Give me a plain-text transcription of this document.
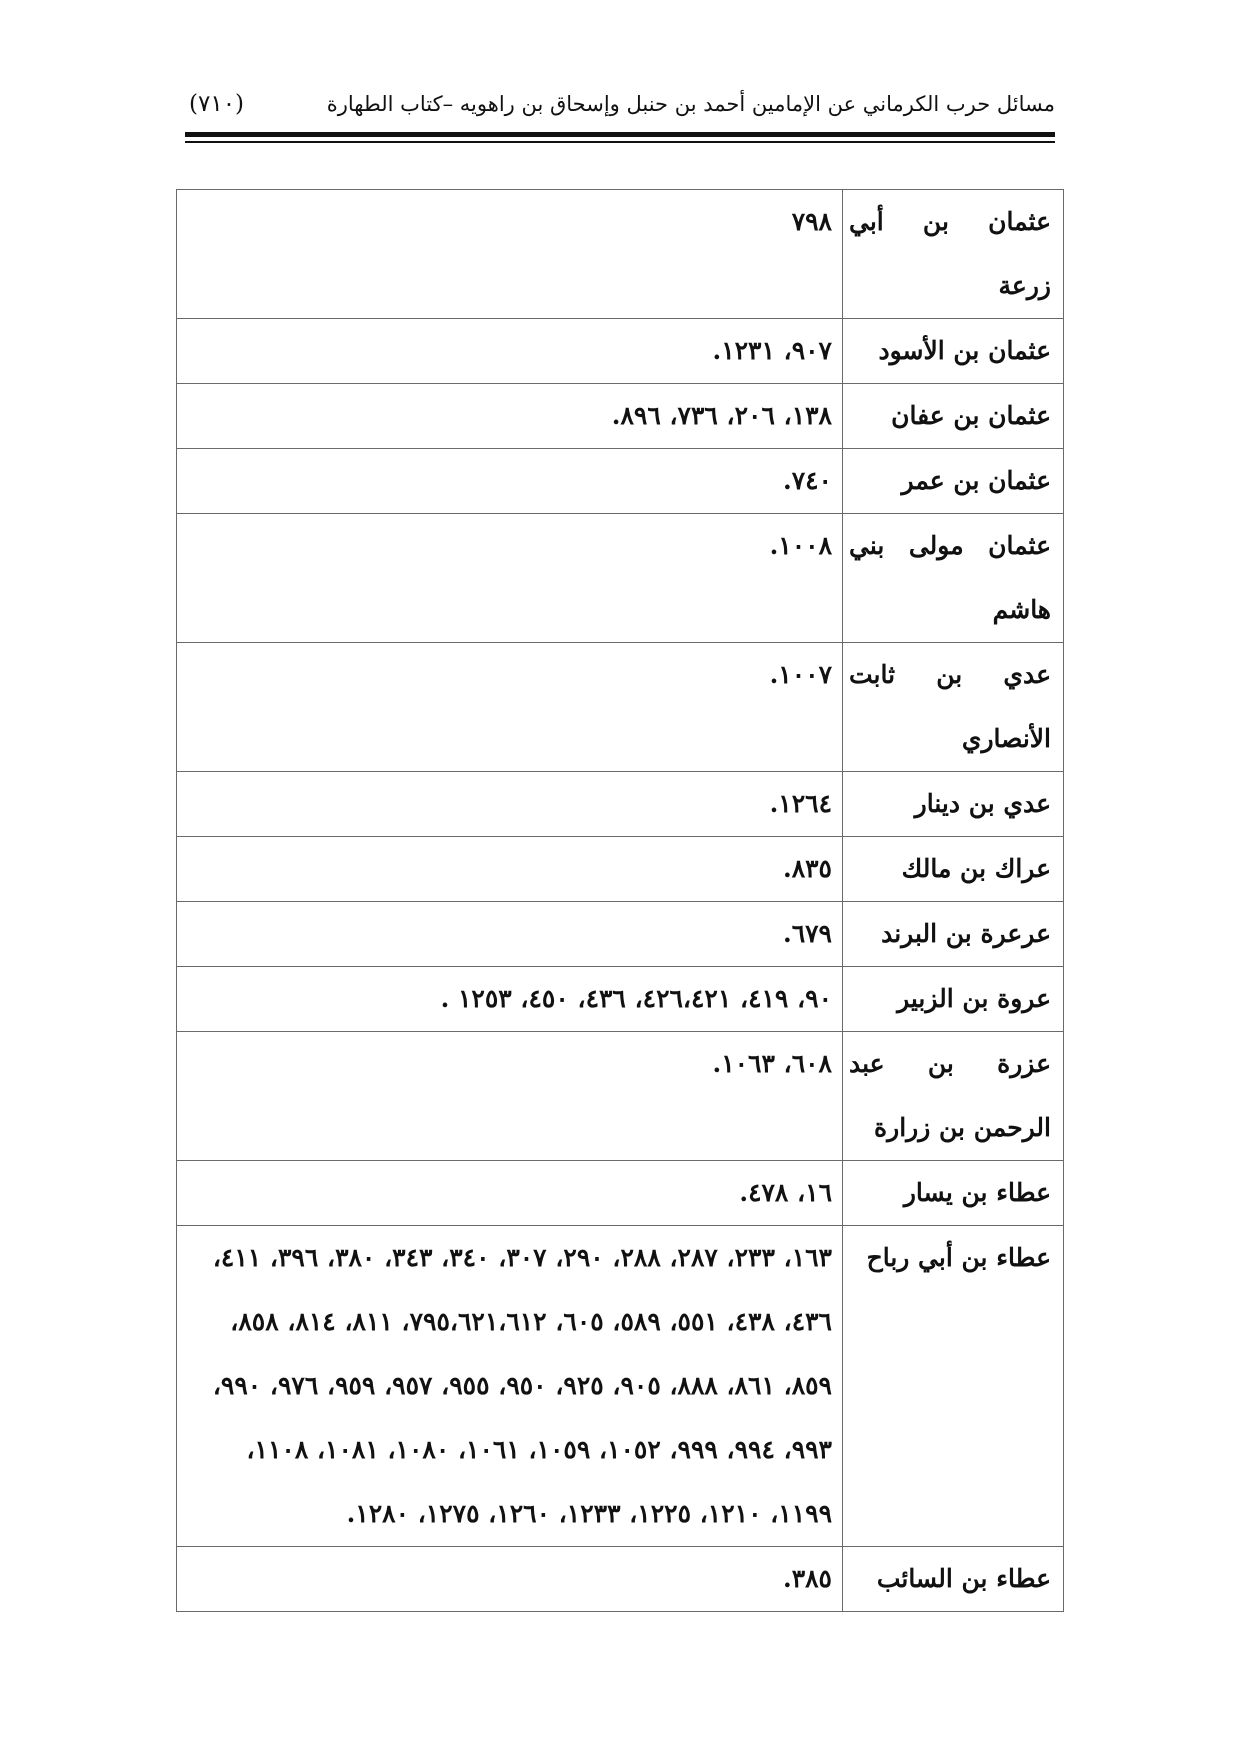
مسائل حرب الكرماني عن الإمامين أحمد بن حنبل وإسحاق بن راهويه –كتاب الطهارة
(٧١٠)
عثمان بن أبي زرعة	٧٩٨
عثمان بن الأسود	٩٠٧، ١٢٣١.
عثمان بن عفان	١٣٨، ٢٠٦، ٧٣٦، ٨٩٦.
عثمان بن عمر	٧٤٠.
عثمان مولى بني هاشم	١٠٠٨.
عدي بن ثابت الأنصاري	١٠٠٧.
عدي بن دينار	١٢٦٤.
عراك بن مالك	٨٣٥.
عرعرة بن البرند	٦٧٩.
عروة بن الزبير	٩٠، ٤١٩، ٤٢٦،٤٢١، ٤٣٦، ٤٥٠، ١٢٥٣ .
عزرة بن عبد الرحمن بن زرارة	٦٠٨، ١٠٦٣.
عطاء بن يسار	١٦، ٤٧٨.
عطاء بن أبي رباح	١٦٣، ٢٣٣، ٢٨٧، ٢٨٨، ٢٩٠، ٣٠٧، ٣٤٠، ٣٤٣، ٣٨٠، ٣٩٦، ٤١١، ٤٣٦، ٤٣٨، ٥٥١، ٥٨٩، ٦٠٥، ٧٩٥،٦٢١،٦١٢، ٨١١، ٨١٤، ٨٥٨، ٨٥٩، ٨٦١، ٨٨٨، ٩٠٥، ٩٢٥، ٩٥٠، ٩٥٥، ٩٥٧، ٩٥٩، ٩٧٦، ٩٩٠، ٩٩٣، ٩٩٤، ٩٩٩، ١٠٥٢، ١٠٥٩، ١٠٦١، ١٠٨٠، ١٠٨١، ١١٠٨، ١١٩٩، ١٢١٠، ١٢٢٥، ١٢٣٣، ١٢٦٠، ١٢٧٥، ١٢٨٠.
عطاء بن السائب	٣٨٥.
